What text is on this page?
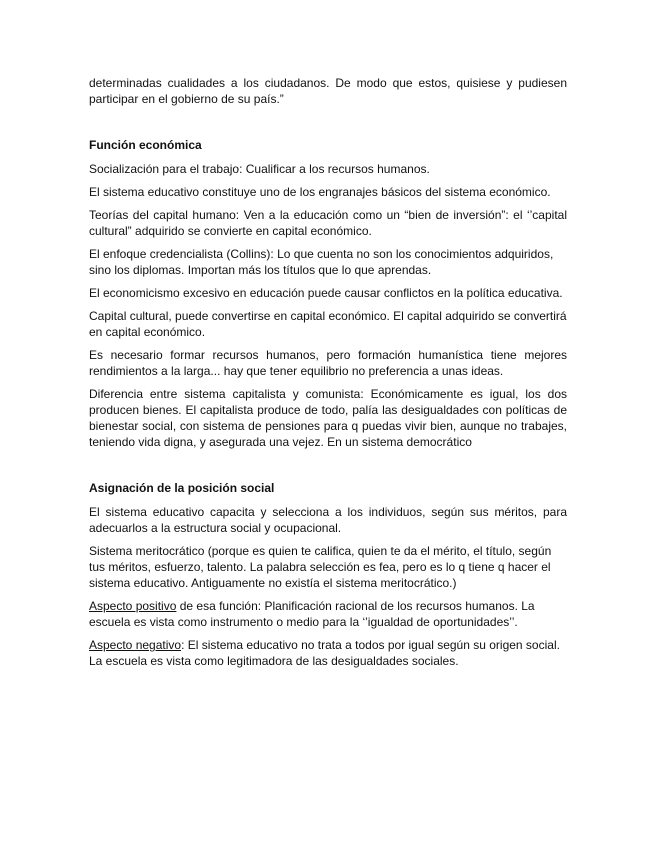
determinadas cualidades a los ciudadanos. De modo que estos, quisiese y pudiesen participar en el gobierno de su país.”

Función económica

Socialización para el trabajo: Cualificar a los recursos humanos.

El sistema educativo constituye uno de los engranajes básicos del sistema económico.

Teorías del capital humano: Ven a la educación como un “bien de inversión”: el ‘’capital cultural” adquirido se convierte en capital económico.

El enfoque credencialista (Collins): Lo que cuenta no son los conocimientos adquiridos, sino los diplomas. Importan más los títulos que lo que aprendas.

El economicismo excesivo en educación puede causar conflictos en la política educativa.

Capital cultural, puede convertirse en capital económico. El capital adquirido se convertirá en capital económico.

Es necesario formar recursos humanos, pero formación humanística tiene mejores rendimientos a la larga... hay que tener equilibrio no preferencia a unas ideas.

Diferencia entre sistema capitalista y comunista: Económicamente es igual, los dos producen bienes. El capitalista produce de todo, palía las desigualdades con políticas de bienestar social, con sistema de pensiones para q puedas vivir bien, aunque no trabajes, teniendo vida digna, y asegurada una vejez. En un sistema democrático

Asignación de la posición social

El sistema educativo capacita y selecciona a los individuos, según sus méritos, para adecuarlos a la estructura social y ocupacional.

Sistema meritocrático (porque es quien te califica, quien te da el mérito, el título, según tus méritos, esfuerzo, talento. La palabra selección es fea, pero es lo q tiene q hacer el sistema educativo. Antiguamente no existía el sistema meritocrático.)

Aspecto positivo de esa función: Planificación racional de los recursos humanos. La escuela es vista como instrumento o medio para la ‘’igualdad de oportunidades’’.

Aspecto negativo: El sistema educativo no trata a todos por igual según su origen social. La escuela es vista como legitimadora de las desigualdades sociales.
